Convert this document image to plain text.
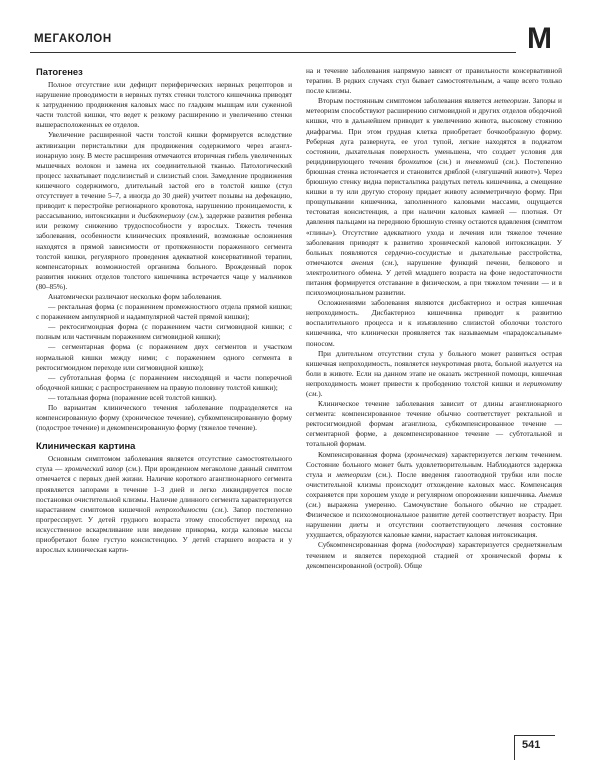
МЕГАКОЛОН	М
Патогенез

Полное отсутствие или дефицит периферических нервных рецепторов и нарушение проводимости в нервных путях стенки толстого кишечника приводят к затруднению продвижения каловых масс по гладким мышцам или суженной части толстой кишки, что ведет к резкому расширению и увеличению стенки вышерасположенных ее отделов.

Увеличение расширенной части толстой кишки формируется вследствие активизации перистальтики для продвижения содержимого через аганглионарную зону. В месте расширения отмечаются вторичная гибель увеличенных мышечных волокон и замена их соединительной тканью. Патологический процесс захватывает подслизистый и слизистый слои. Замедление продвижения кишечного содержимого, длительный застой его в толстой кишке (стул отсутствует в течение 5–7, а иногда до 30 дней) учитеет позывы на дефекацию, приводит к перестройке регионарного кровотока, нарушению проницаемости, к рассасыванию, интоксикации и дисбактериозу (см.), задержке развития ребенка или резкому снижению трудоспособности у взрослых. Тяжесть течения заболевания, особенности клинических проявлений, возможные осложнения находятся в прямой зависимости от протяженности пораженного сегмента толстой кишки, регулярного проведения адекватной консервативной терапии, компенсаторных возможностей организма больного. Врожденный порок развития нижних отделов толстого кишечника встречается чаще у мальчиков (80–85%).

Анатомически различают несколько форм заболевания.

— ректальная форма (с поражением промежностного отдела прямой кишки; с поражением ампулярной и надампулярной частей прямой кишки);

— ректосигмоидная форма (с поражением части сигмовидной кишки; с полным или частичным поражением сигмовидной кишки);

— сегментарная форма (с поражением двух сегментов и участком нормальной кишки между ними; с поражением одного сегмента в ректосигмоидном переходе или сигмовидной кишке);

— субтотальная форма (с поражением нисходящей и части поперечной ободочной кишки; с распространением на правую половину толстой кишки);

— тотальная форма (поражение всей толстой кишки).

По вариантам клинического течения заболевание подразделяется на компенсированную форму (хроническое течение), субкомпенсированную форму (подострое течение) и декомпенсированную форму (тяжелое течение).

Клиническая картина

Основным симптомом заболевания является отсутствие самостоятельного стула — хронический запор (см.). При врожденном мегаколоне данный симптом отмечается с первых дней жизни. Наличие короткого аганглионарного сегмента проявляется запорами в течение 1–3 дней и легко ликвидируется после постановки очистительной клизмы. Наличие длинного сегмента характеризуется нарастанием симптомов кишечной непроходимости (см.). Запор постепенно прогрессирует. У детей грудного возраста этому способствует переход на искусственное вскармливание или введение прикорма, когда каловые массы приобретают более густую консистенцию. У детей старшего возраста и у взрослых клиническая карти-

на и течение заболевания напрямую зависят от правильности консервативной терапии. В редких случаях стул бывает самостоятельным, а чаще всего только после клизмы.

Вторым постоянным симптомом заболевания является метеоризм. Запоры и метеоризм способствуют расширению сигмовидной и других отделов ободочной кишки, что в дальнейшем приводит к увеличению живота, высокому стоянию диафрагмы. При этом грудная клетка приобретает бочкообразную форму. Реберная дуга развернута, ее угол тупой, легкие находятся в поджатом состоянии, дыхательная поверхность уменьшена, что создает условия для рецидивирующего течения бронхитов (см.) и пневмоний (см.). Постепенно брюшная стенка истончается и становится дряблой («лягушачий живот»). Через брюшную стенку видна перистальтика раздутых петель кишечника, а смещение кишки в ту или другую сторону придает животу асимметричную форму. При прощупывании кишечника, заполненного каловыми массами, ощущается тестоватая консистенция, а при наличии каловых камней — плотная. От давления пальцами на переднюю брюшную стенку остаются вдавления (симптом «глины»). Отсутствие адекватного ухода и лечения или тяжелое течение заболевания приводят к развитию хронической каловой интоксикации. У больных появляются сердечно-сосудистые и дыхательные расстройства, отмечаются анемия (см.), нарушение функций печени, белкового и электролитного обмена. У детей младшего возраста на фоне недостаточности питания формируется отставание в физическом, а при тяжелом течении — и в психоэмоциональном развитии.

Осложнениями заболевания являются дисбактериоз и острая кишечная непроходимость. Дисбактериоз кишечника приводит к развитию воспалительного процесса и к изъязвлению слизистой оболочки толстого кишечника, что клинически проявляется так называемым «парадоксальным» поносом.

При длительном отсутствии стула у больного может развиться острая кишечная непроходимость, появляется неукротимая рвота, больной жалуется на боли в животе. Если на данном этапе не оказать экстренной помощи, кишечная непроходимость может привести к прободению толстой кишки и перитониту (см.).

Клиническое течение заболевания зависит от длины аганглионарного сегмента: компенсированное течение обычно соответствует ректальной и ректосигмоидной формам аганглиоза, субкомпенсированное течение — сегментарной форме, а декомпенсированное течение — субтотальной и тотальной формам.

Компенсированная форма (хроническая) характеризуется легким течением. Состояние больного может быть удовлетворительным. Наблюдаются задержка стула и метеоризм (см.). После введения газоотводной трубки или после очистительной клизмы происходит отхождение каловых масс. Компенсация сохраняется при хорошем уходе и регулярном опорожнении кишечника. Анемия (см.) выражена умеренно. Самочувствие больного обычно не страдает. Физическое и психоэмоциональное развитие детей соответствует возрасту. При нарушении диеты и отсутствии соответствующего лечения состояние ухудшается, образуются каловые камни, нарастает каловая интоксикация.

Субкомпенсированная форма (подострая) характеризуется среднетяжелым течением и является переходной стадией от хронической формы к декомпенсированной (острой). Обще

541
